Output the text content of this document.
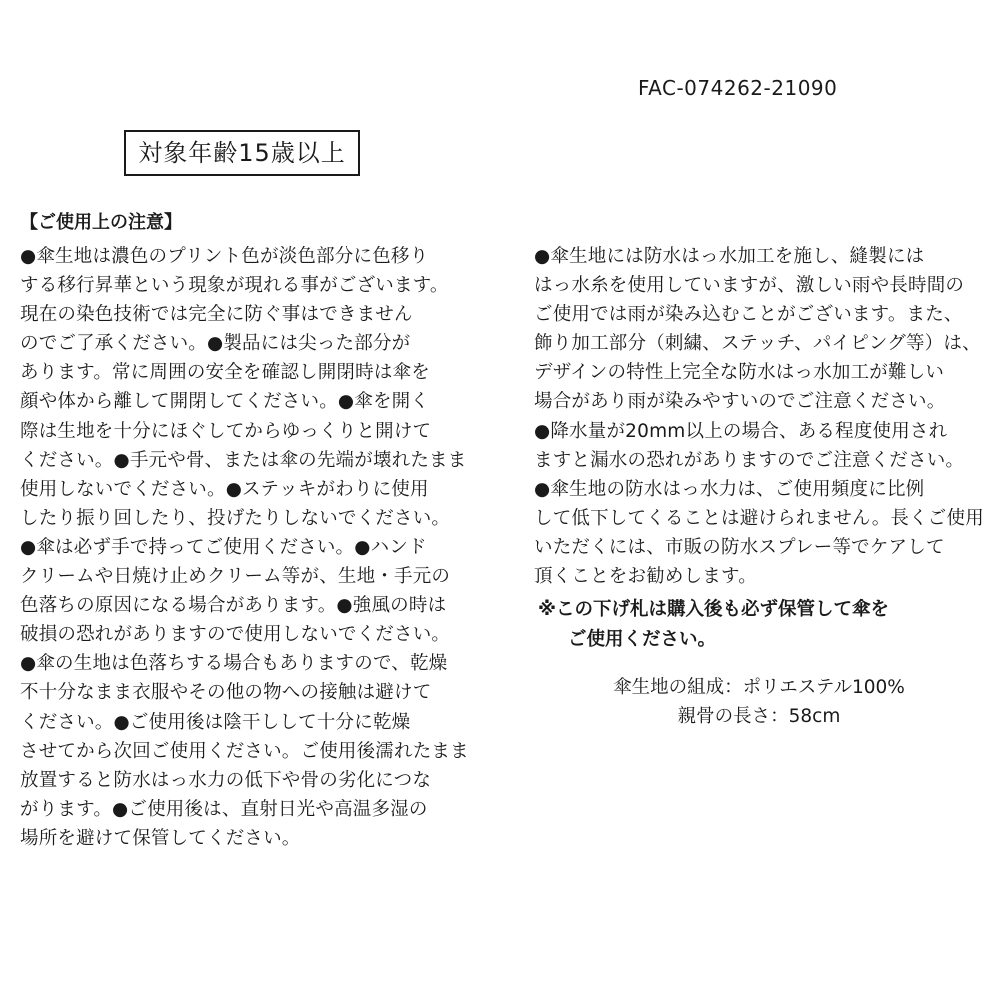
FAC-074262-21090
対象年齢15歳以上
【ご使用上の注意】
●傘生地は濃色のプリント色が淡色部分に色移り
する移行昇華という現象が現れる事がございます。
現在の染色技術では完全に防ぐ事はできません
のでご了承ください。●製品には尖った部分が
あります。常に周囲の安全を確認し開閉時は傘を
顔や体から離して開閉してください。●傘を開く
際は生地を十分にほぐしてからゆっくりと開けて
ください。●手元や骨、または傘の先端が壊れたまま
使用しないでください。●ステッキがわりに使用
したり振り回したり、投げたりしないでください。
●傘は必ず手で持ってご使用ください。●ハンド
クリームや日焼け止めクリーム等が、生地・手元の
色落ちの原因になる場合があります。●強風の時は
破損の恐れがありますので使用しないでください。
●傘の生地は色落ちする場合もありますので、乾燥
不十分なまま衣服やその他の物への接触は避けて
ください。●ご使用後は陰干しして十分に乾燥
させてから次回ご使用ください。ご使用後濡れたまま
放置すると防水はっ水力の低下や骨の劣化につな
がります。●ご使用後は、直射日光や高温多湿の
場所を避けて保管してください。
●傘生地には防水はっ水加工を施し、縫製には
はっ水糸を使用していますが、激しい雨や長時間の
ご使用では雨が染み込むことがございます。また、
飾り加工部分（刺繍、ステッチ、パイピング等）は、
デザインの特性上完全な防水はっ水加工が難しい
場合があり雨が染みやすいのでご注意ください。
●降水量が20mm以上の場合、ある程度使用され
ますと漏水の恐れがありますのでご注意ください。
●傘生地の防水はっ水力は、ご使用頻度に比例
して低下してくることは避けられません。長くご使用
いただくには、市販の防水スプレー等でケアして
頂くことをお勧めします。
※この下げ札は購入後も必ず保管して傘を
ご使用ください。
傘生地の組成：ポリエステル100%
親骨の長さ：58cm
